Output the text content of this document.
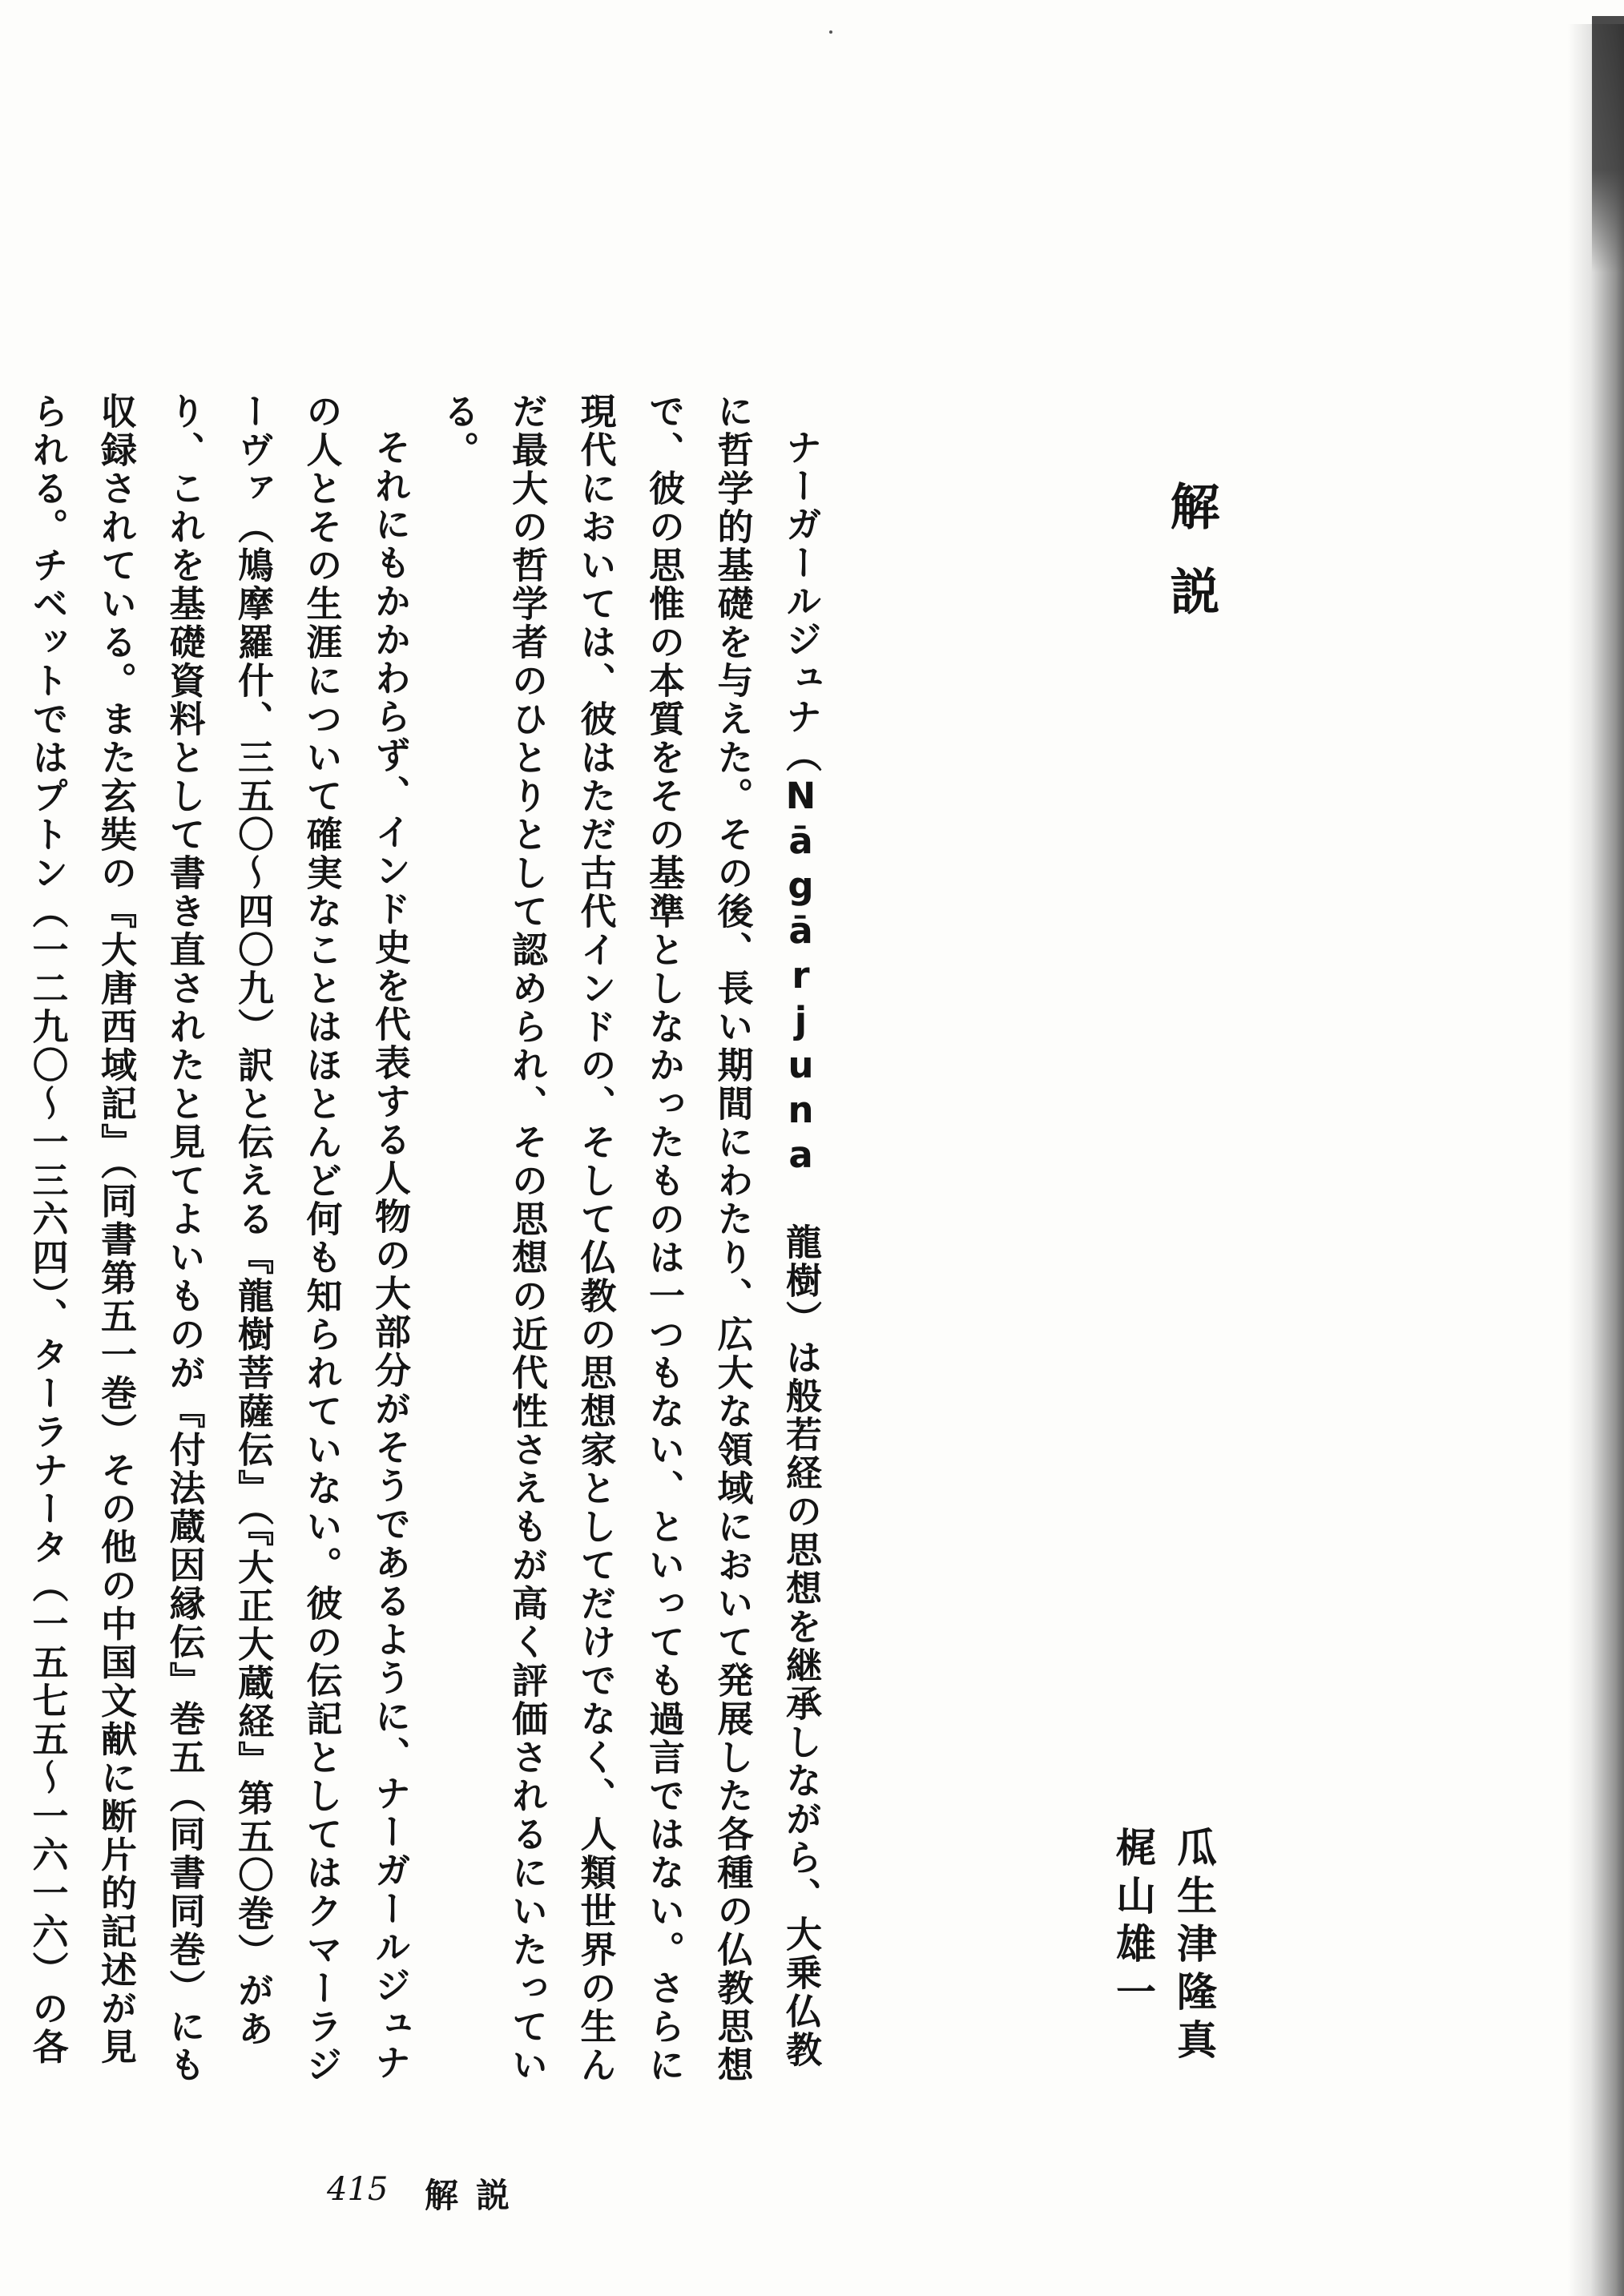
解説
瓜生津隆真
梶山雄一

ナーガールジュナ（Nāgārjuna 龍樹）は般若経の思想を継承しながら、大乗仏教に哲学的基礎を与えた。その後、長い期間にわたり、広大な領域において発展した各種の仏教思想で、彼の思惟の本質をその基準としなかったものは一つもない、といっても過言ではない。さらに現代においては、彼はただ古代インドの、そして仏教の思想家としてだけでなく、人類世界の生んだ最大の哲学者のひとりとして認められ、その思想の近代性さえもが高く評価されるにいたっている。

それにもかかわらず、インド史を代表する人物の大部分がそうであるように、ナーガールジュナの人とその生涯について確実なことはほとんど何も知られていない。彼の伝記としてはクマーラジーヴァ（鳩摩羅什、三五〇～四〇九）訳と伝える『龍樹菩薩伝』（『大正大蔵経』第五〇巻）があり、これを基礎資料として書き直されたと見てよいものが『付法蔵因縁伝』巻五（同書同巻）にも収録されている。また玄奘の『大唐西域記』（同書第五一巻）その他の中国文献に断片的記述が見られる。チベットではプトン（一二九〇～一三六四）、ターラナータ（一五七五～一六一六）の各

415 解説
